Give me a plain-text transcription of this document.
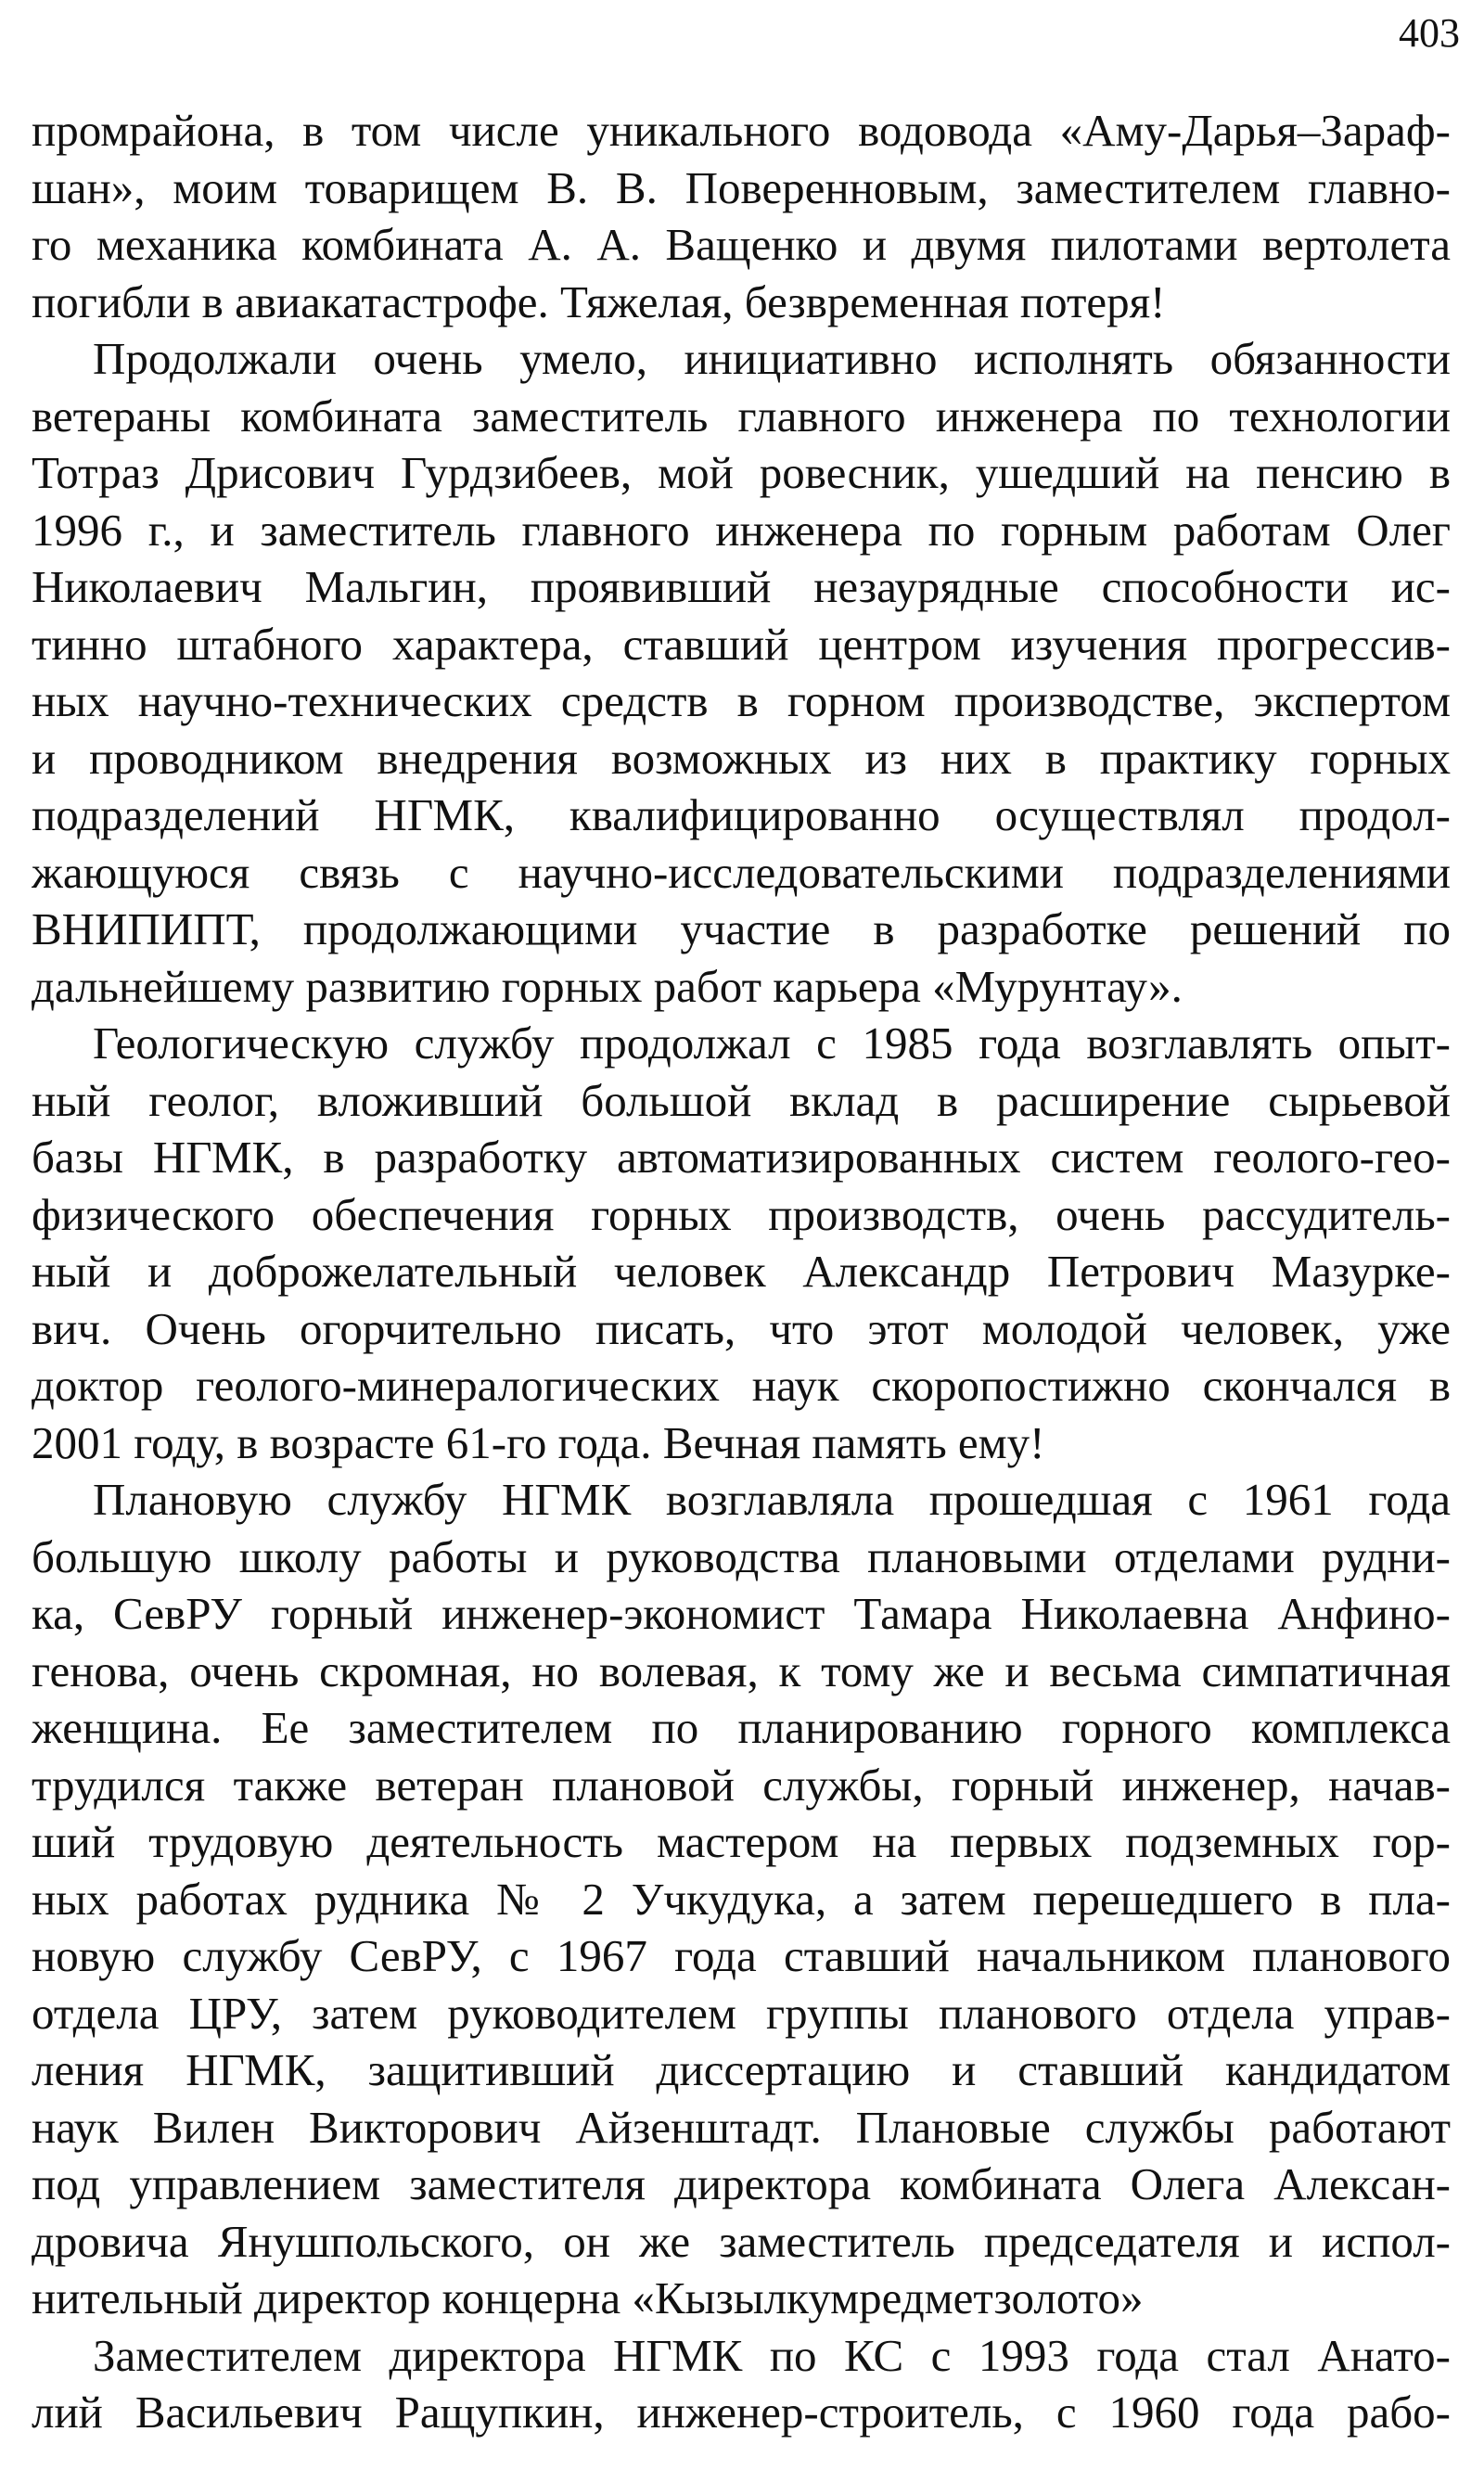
403
промрайона, в том числе уникального водовода «Аму-Дарья–Зараф-
шан», моим товарищем В. В. Поверенновым, заместителем главно-
го механика комбината А. А. Ващенко и двумя пилотами вертолета
погибли в авиакатастрофе. Тяжелая, безвременная потеря!
Продолжали очень умело, инициативно исполнять обязанности
ветераны комбината заместитель главного инженера по технологии
Тотраз Дрисович Гурдзибеев, мой ровесник, ушедший на пенсию в
1996 г., и заместитель главного инженера по горным работам Олег
Николаевич Мальгин, проявивший незаурядные способности ис-
тинно штабного характера, ставший центром изучения прогрессив-
ных научно-технических средств в горном производстве, экспертом
и проводником внедрения возможных из них в практику горных
подразделений НГМК, квалифицированно осуществлял продол-
жающуюся связь с научно-исследовательскими подразделениями
ВНИПИПТ, продолжающими участие в разработке решений по
дальнейшему развитию горных работ карьера «Мурунтау».
Геологическую службу продолжал с 1985 года возглавлять опыт-
ный геолог, вложивший большой вклад в расширение сырьевой
базы НГМК, в разработку автоматизированных систем геолого-гео-
физического обеспечения горных производств, очень рассудитель-
ный и доброжелательный человек Александр Петрович Мазурке-
вич. Очень огорчительно писать, что этот молодой человек, уже
доктор геолого-минералогических наук скоропостижно скончался в
2001 году, в возрасте 61-го года. Вечная память ему!
Плановую службу НГМК возглавляла прошедшая с 1961 года
большую школу работы и руководства плановыми отделами рудни-
ка, СевРУ горный инженер-экономист Тамара Николаевна Анфино-
генова, очень скромная, но волевая, к тому же и весьма симпатичная
женщина. Ее заместителем по планированию горного комплекса
трудился также ветеран плановой службы, горный инженер, начав-
ший трудовую деятельность мастером на первых подземных гор-
ных работах рудника № 2 Учкудука, а затем перешедшего в пла-
новую службу СевРУ, с 1967 года ставший начальником планового
отдела ЦРУ, затем руководителем группы планового отдела управ-
ления НГМК, защитивший диссертацию и ставший кандидатом
наук Вилен Викторович Айзенштадт. Плановые службы работают
под управлением заместителя директора комбината Олега Алексан-
дровича Янушпольского, он же заместитель председателя и испол-
нительный директор концерна «Кызылкумредметзолото»
Заместителем директора НГМК по КС с 1993 года стал Анато-
лий Васильевич Ращупкин, инженер-строитель, с 1960 года рабо-
